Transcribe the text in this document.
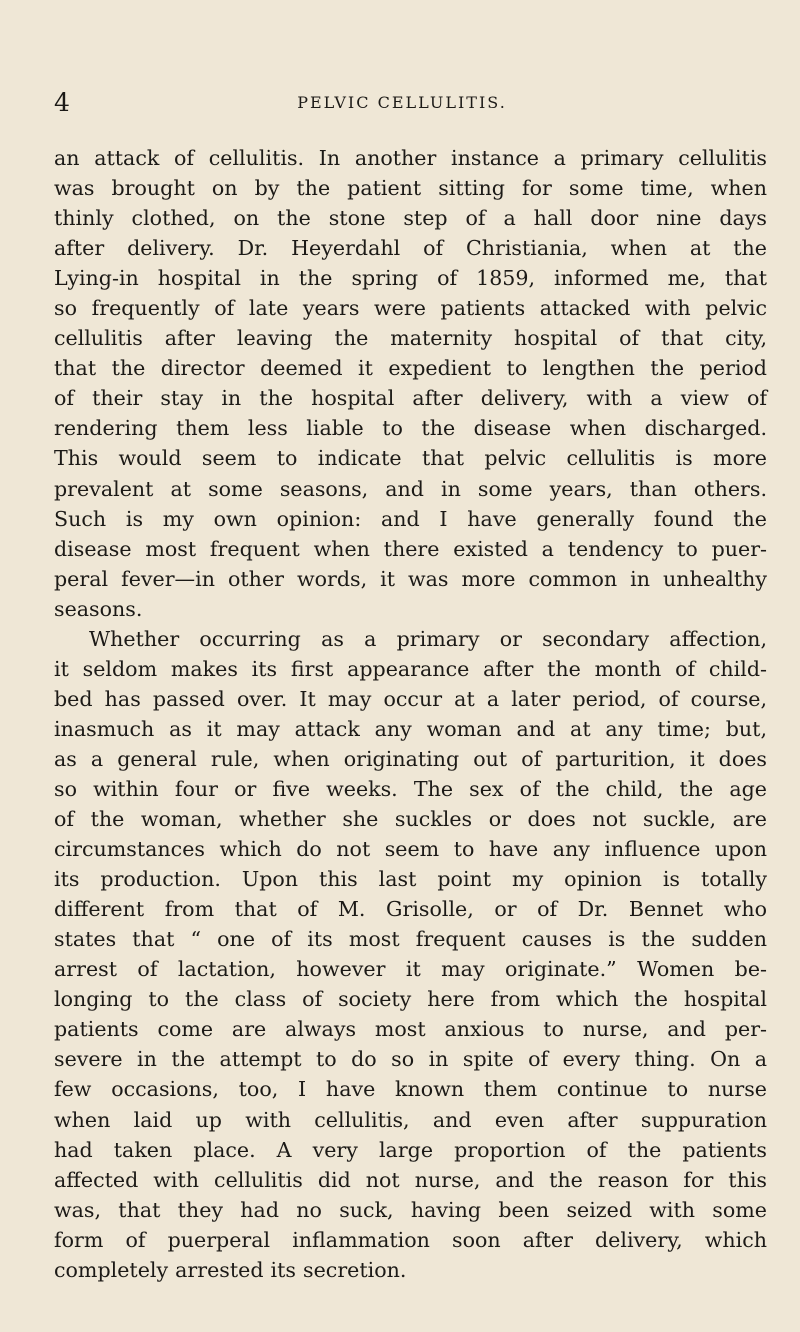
4	PELVIC CELLULITIS.
an attack of cellulitis. In another instance a primary cellulitis
was brought on by the patient sitting for some time, when
thinly clothed, on the stone step of a hall door nine days
after delivery. Dr. Heyerdahl of Christiania, when at the
Lying-in hospital in the spring of 1859, informed me, that
so frequently of late years were patients attacked with pelvic
cellulitis after leaving the maternity hospital of that city,
that the director deemed it expedient to lengthen the period
of their stay in the hospital after delivery, with a view of
rendering them less liable to the disease when discharged.
This would seem to indicate that pelvic cellulitis is more
prevalent at some seasons, and in some years, than others.
Such is my own opinion: and I have generally found the
disease most frequent when there existed a tendency to puer-
peral fever—in other words, it was more common in unhealthy
seasons.
Whether occurring as a primary or secondary affection,
it seldom makes its first appearance after the month of child-
bed has passed over. It may occur at a later period, of course,
inasmuch as it may attack any woman and at any time; but,
as a general rule, when originating out of parturition, it does
so within four or five weeks. The sex of the child, the age
of the woman, whether she suckles or does not suckle, are
circumstances which do not seem to have any influence upon
its production. Upon this last point my opinion is totally
different from that of M. Grisolle, or of Dr. Bennet who
states that “ one of its most frequent causes is the sudden
arrest of lactation, however it may originate.” Women be-
longing to the class of society here from which the hospital
patients come are always most anxious to nurse, and per-
severe in the attempt to do so in spite of every thing. On a
few occasions, too, I have known them continue to nurse
when laid up with cellulitis, and even after suppuration
had taken place. A very large proportion of the patients
affected with cellulitis did not nurse, and the reason for this
was, that they had no suck, having been seized with some
form of puerperal inflammation soon after delivery, which
completely arrested its secretion.
